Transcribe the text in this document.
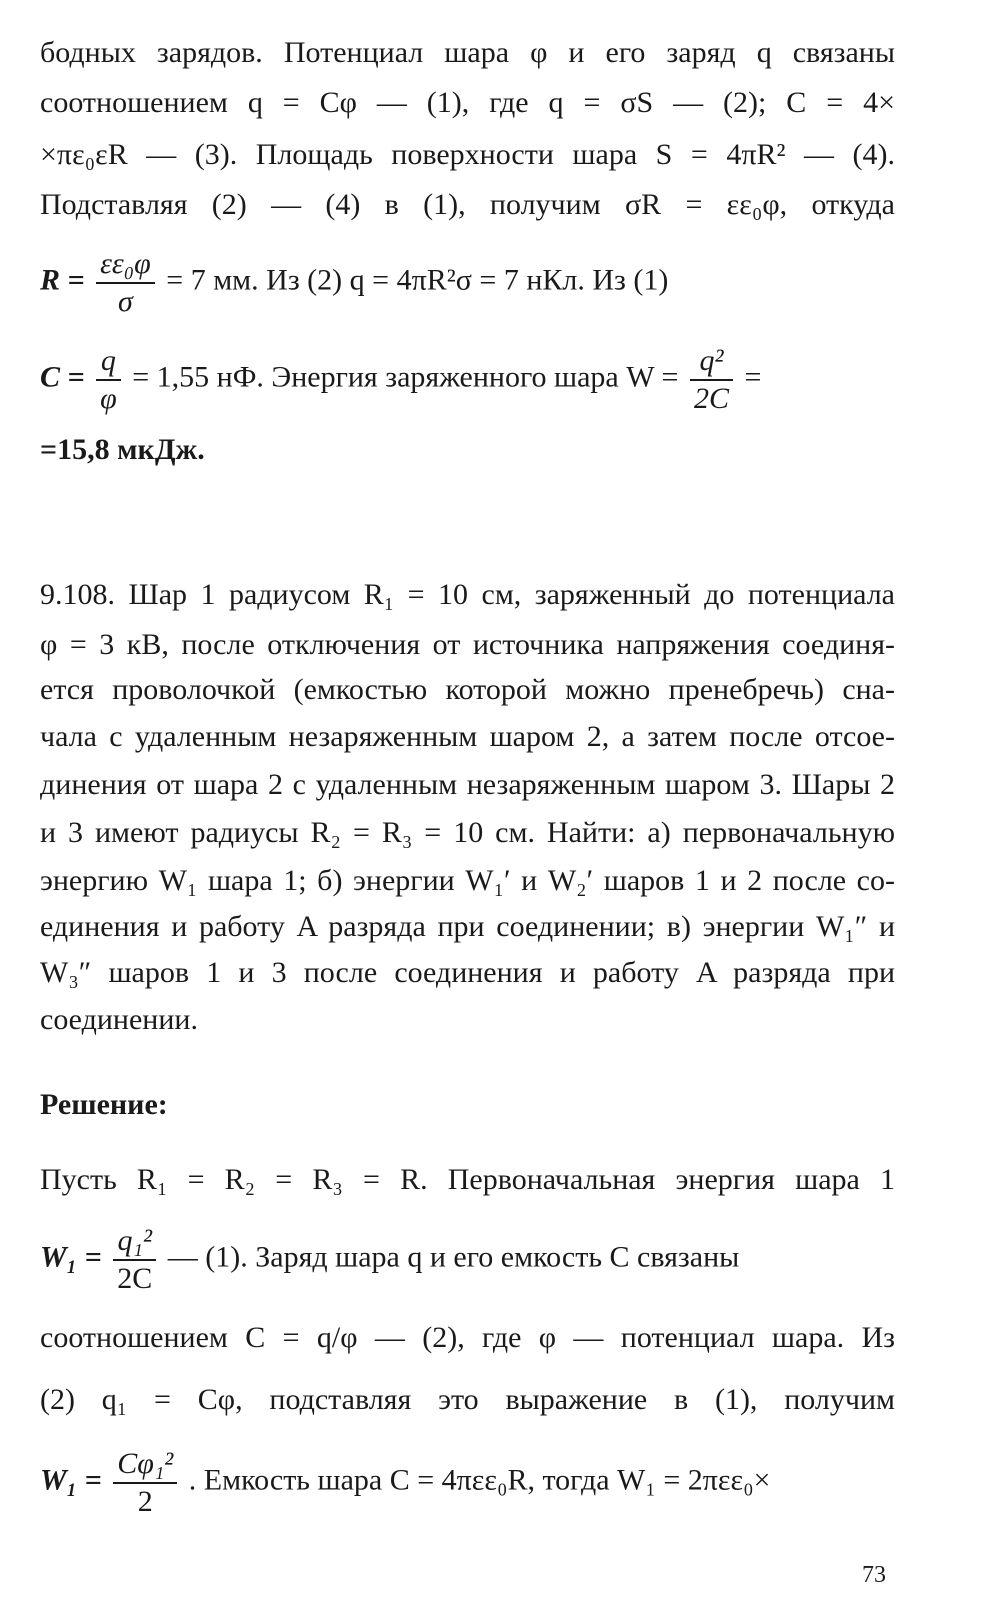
бодных зарядов. Потенциал шара φ и его заряд q связаны
соотношением q = Cφ — (1), где q = σS — (2); C = 4×
×πε₀εR — (3). Площадь поверхности шара S = 4πR² — (4).
Подставляя (2) — (4) в (1), получим σR = εε₀φ, откуда
$R = \frac{\text{εε₀φ}}{\sigma} = 7$ мм. Из (2) q = 4πR²σ = 7 нКл. Из (1)
$C = \frac{q}{\varphi} = 1,55$ нФ. Энергия заряженного шара $W = \frac{\text{q²}}{2C}$ =
=15,8 мкДж.
9.108. Шар 1 радиусом R₁ = 10 см, заряженный до потенциала
φ = 3 кВ, после отключения от источника напряжения соединя-
ется проволочкой (емкостью которой можно пренебречь) сна-
чала с удаленным незаряженным шаром 2, а затем после отсое-
динения от шара 2 с удаленным незаряженным шаром 3. Шары 2
и 3 имеют радиусы R₂ = R₃ = 10 см. Найти: а) первоначальную
энергию W₁ шара 1; б) энергии W₁′ и W₂′ шаров 1 и 2 после со-
единения и работу A разряда при соединении; в) энергии W₁″ и
W₃″ шаров 1 и 3 после соединения и работу A разряда при
соединении.
Решение:
Пусть R₁ = R₂ = R₃ = R. Первоначальная энергия шара 1
$W_1 = \frac{\text{q₁²}}{2C}$ — (1). Заряд шара q и его емкость C связаны
соотношением C = q/φ — (2), где φ — потенциал шара. Из
(2) q₁ = Cφ, подставляя это выражение в (1), получим
$W_1 = \frac{\text{Cφ₁²}}{2}$ . Емкость шара C = 4πεε₀R, тогда W₁ = 2πεε₀×
73
